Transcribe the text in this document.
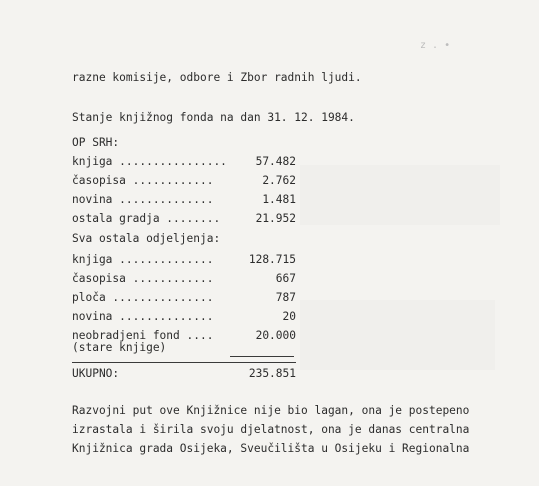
z . •
razne komisije, odbore i Zbor radnih ljudi.
Stanje knjižnog fonda na dan 31. 12. 1984.
OP SRH:
knjiga ................	57.482
časopisa ............	2.762
novina ..............	1.481
ostala gradja ........	21.952
Sva ostala odjeljenja:
knjiga ..............	128.715
časopisa ............	667
ploča ...............	787
novina ..............	20
neobradjeni fond ....	20.000
(stare knjige)
UKUPNO:	235.851
Razvojni put ove Knjižnice nije bio lagan, ona je postepeno
izrastala i širila svoju djelatnost, ona je danas centralna
Knjižnica grada Osijeka, Sveučilišta u Osijeku i Regionalna
